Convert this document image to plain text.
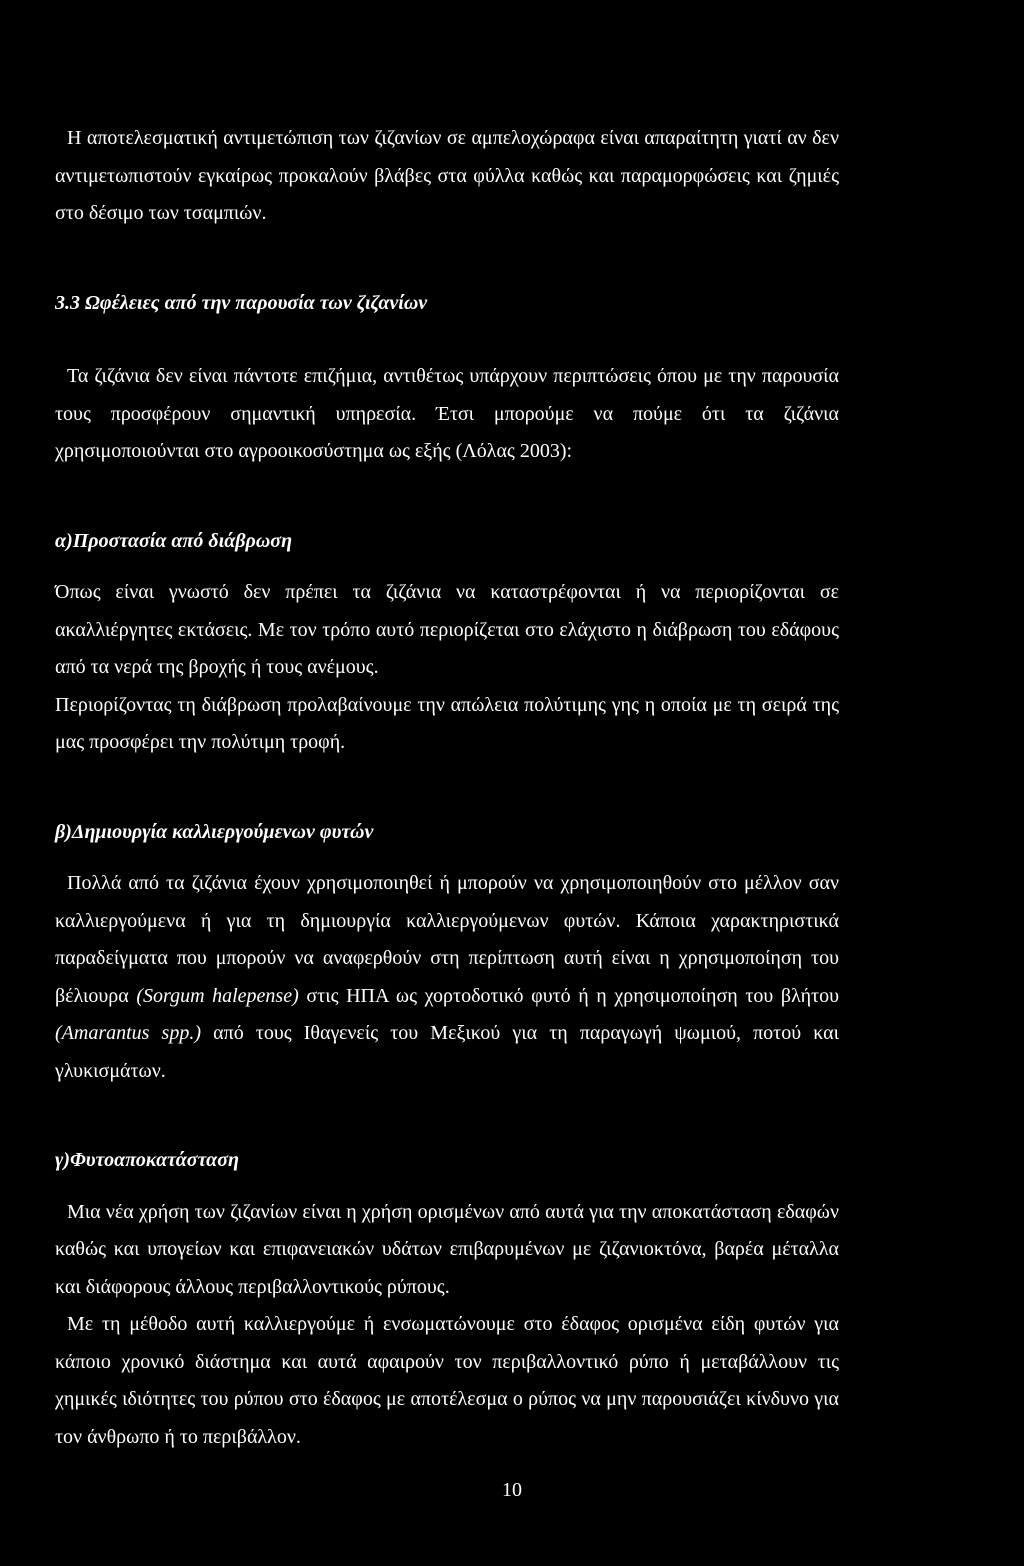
Η αποτελεσματική αντιμετώπιση των ζιζανίων σε αμπελοχώραφα είναι απαραίτητη γιατί αν δεν αντιμετωπιστούν εγκαίρως προκαλούν βλάβες στα φύλλα καθώς και παραμορφώσεις και ζημιές στο δέσιμο των τσαμπιών.

3.3 Ωφέλειες από την παρουσία των ζιζανίων

Τα ζιζάνια δεν είναι πάντοτε επιζήμια, αντιθέτως υπάρχουν περιπτώσεις όπου με την παρουσία τους προσφέρουν σημαντική υπηρεσία. Έτσι μπορούμε να πούμε ότι τα ζιζάνια χρησιμοποιούνται στο αγροοικοσύστημα ως εξής (Λόλας 2003):

α)Προστασία από διάβρωση

Όπως είναι γνωστό δεν πρέπει τα ζιζάνια να καταστρέφονται ή να περιορίζονται σε ακαλλιέργητες εκτάσεις. Με τον τρόπο αυτό περιορίζεται στο ελάχιστο η διάβρωση του εδάφους από τα νερά της βροχής ή τους ανέμους.

Περιορίζοντας τη διάβρωση προλαβαίνουμε την απώλεια πολύτιμης γης η οποία με τη σειρά της μας προσφέρει την πολύτιμη τροφή.

β)Δημιουργία καλλιεργούμενων φυτών

Πολλά από τα ζιζάνια έχουν χρησιμοποιηθεί ή μπορούν να χρησιμοποιηθούν στο μέλλον σαν καλλιεργούμενα ή για τη δημιουργία καλλιεργούμενων φυτών. Κάποια χαρακτηριστικά παραδείγματα που μπορούν να αναφερθούν στη περίπτωση αυτή είναι η χρησιμοποίηση του βέλιουρα (Sorgum halepense) στις ΗΠΑ ως χορτοδοτικό φυτό ή η χρησιμοποίηση του βλήτου (Amarantus spp.) από τους Ιθαγενείς του Μεξικού για τη παραγωγή ψωμιού, ποτού και γλυκισμάτων.

γ)Φυτοαποκατάσταση

Μια νέα χρήση των ζιζανίων είναι η χρήση ορισμένων από αυτά για την αποκατάσταση εδαφών καθώς και υπογείων και επιφανειακών υδάτων επιβαρυμένων με ζιζανιοκτόνα, βαρέα μέταλλα και διάφορους άλλους περιβαλλοντικούς ρύπους.

Με τη μέθοδο αυτή καλλιεργούμε ή ενσωματώνουμε στο έδαφος ορισμένα είδη φυτών για κάποιο χρονικό διάστημα και αυτά αφαιρούν τον περιβαλλοντικό ρύπο ή μεταβάλλουν τις χημικές ιδιότητες του ρύπου στο έδαφος με αποτέλεσμα ο ρύπος να μην παρουσιάζει κίνδυνο για τον άνθρωπο ή το περιβάλλον.

10
